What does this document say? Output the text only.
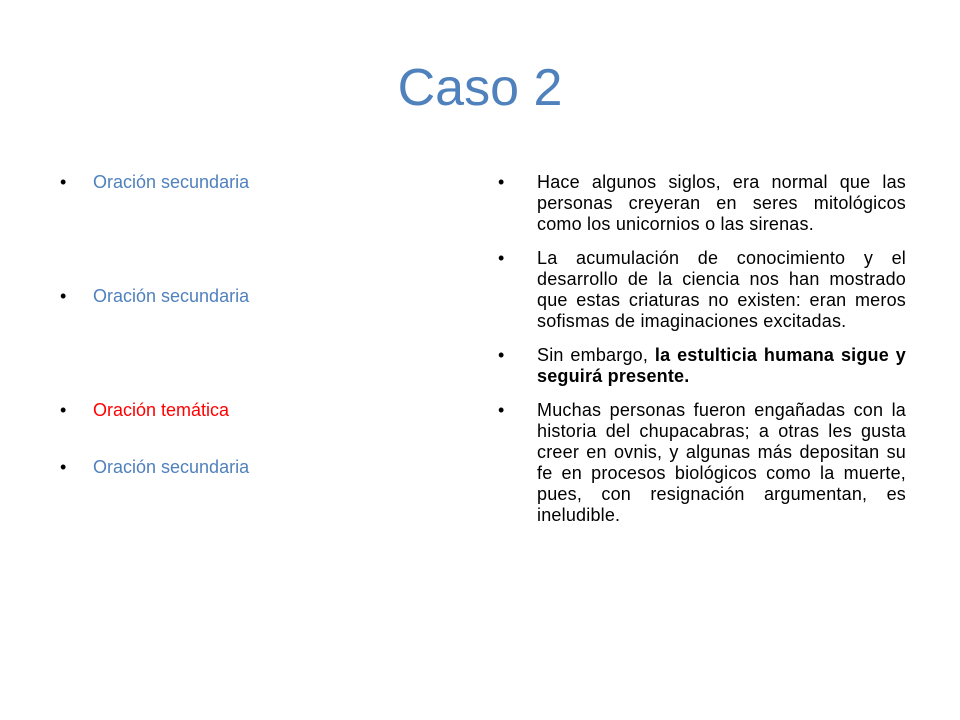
Caso 2
• Oración secundaria
• Oración secundaria
• Oración temática
• Oración secundaria
• Hace algunos siglos, era normal que las personas creyeran en seres mitológicos como los unicornios o las sirenas.
• La acumulación de conocimiento y el desarrollo de la ciencia nos han mostrado que estas criaturas no existen: eran meros sofismas de imaginaciones excitadas.
• Sin embargo, la estulticia humana sigue y seguirá presente.
• Muchas personas fueron engañadas con la historia del chupacabras; a otras les gusta creer en ovnis, y algunas más depositan su fe en procesos biológicos como la muerte, pues, con resignación argumentan, es ineludible.
